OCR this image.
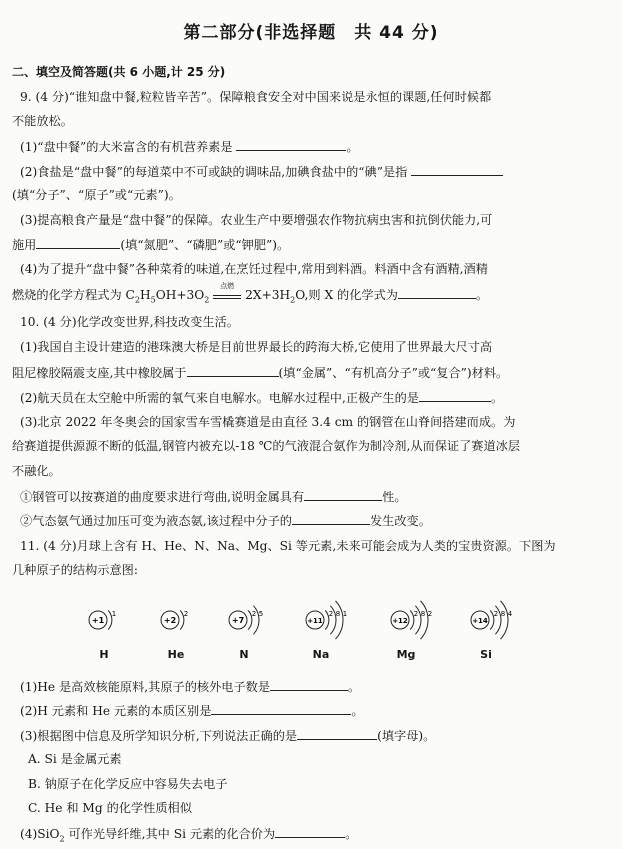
第二部分(非选择题　共 44 分)
二、填空及简答题(共 6 小题,计 25 分)
9. (4 分)“谁知盘中餐,粒粒皆辛苦”。保障粮食安全对中国来说是永恒的课题,任何时候都
不能放松。
(1)“盘中餐”的大米富含的有机营养素是	。
(2)食盐是“盘中餐”的每道菜中不可或缺的调味品,加碘食盐中的“碘”是指
(填“分子”、“原子”或“元素”)。
(3)提高粮食产量是“盘中餐”的保障。农业生产中要增强农作物抗病虫害和抗倒伏能力,可
施用	(填“氮肥”、“磷肥”或“钾肥”)。
(4)为了提升“盘中餐”各种菜肴的味道,在烹饪过程中,常用到料酒。料酒中含有酒精,酒精
燃烧的化学方程式为 $C_2H_5OH+3O_2$
点燃
$2X+3H_2O$,则 X 的化学式为	。
10. (4 分)化学改变世界,科技改变生活。
(1)我国自主设计建造的港珠澳大桥是目前世界最长的跨海大桥,它使用了世界最大尺寸高
阻尼橡胶隔震支座,其中橡胶属于	(填“金属”、“有机高分子”或“复合”)材料。
(2)航天员在太空舱中所需的氧气来自电解水。电解水过程中,正极产生的是	。
(3)北京 2022 年冬奥会的国家雪车雪橇赛道是由直径 3.4 cm 的钢管在山脊间搭建而成。为
给赛道提供源源不断的低温,钢管内被充以-18 ℃的气液混合氨作为制冷剂,从而保证了赛道冰层
不融化。
①钢管可以按赛道的曲度要求进行弯曲,说明金属具有	性。
②气态氨气通过加压可变为液态氨,该过程中分子的	发生改变。
11. (4 分)月球上含有 H、He、N、Na、Mg、Si 等元素,未来可能会成为人类的宝贵资源。下图为
几种原子的结构示意图:
+1
1
+2
2
+7
2 5
+11
2 8 1
+12
2 8 2
+14
2 8 4
H	He	N	Na	Mg	Si
(1)He 是高效核能原料,其原子的核外电子数是	。
(2)H 元素和 He 元素的本质区别是	。
(3)根据图中信息及所学知识分析,下列说法正确的是	(填字母)。
A. Si 是金属元素
B. 钠原子在化学反应中容易失去电子
C. He 和 Mg 的化学性质相似
(4)SiO$_2$ 可作光导纤维,其中 Si 元素的化合价为	。
